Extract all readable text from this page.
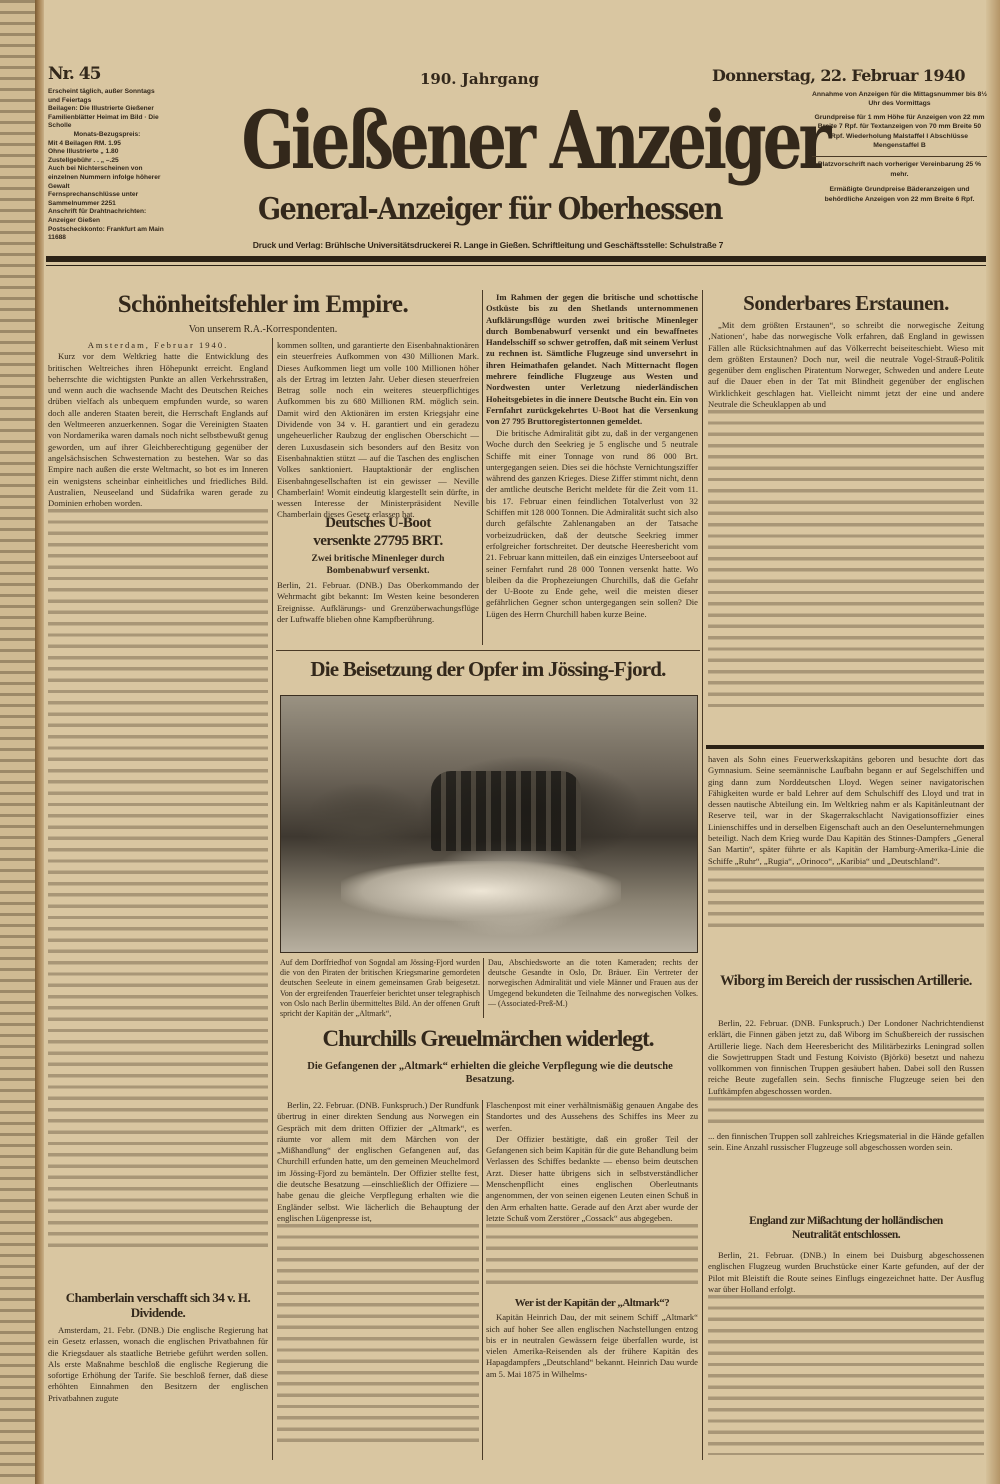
Nr. 45
Erscheint täglich, außer Sonntags und Feiertags
Beilagen: Die Illustrierte Gießener Familienblätter Heimat im Bild · Die Scholle
Monats-Bezugspreis:
Mit 4 Beilagen RM. 1.95
Ohne Illustrierte „ 1.80
Zustellgebühr . . „ –.25
Auch bei Nichterscheinen von einzelnen Nummern infolge höherer Gewalt
Fernsprechanschlüsse unter Sammelnummer 2251
Anschrift für Drahtnachrichten: Anzeiger Gießen
Postscheckkonto: Frankfurt am Main 11688
190. Jahrgang	Donnerstag, 22. Februar 1940
Gießener Anzeiger
General-Anzeiger für Oberhessen
Druck und Verlag: Brühlsche Universitätsdruckerei R. Lange in Gießen. Schriftleitung und Geschäftsstelle: Schulstraße 7
Annahme von Anzeigen für die Mittagsnummer bis 8½ Uhr des Vormittags
Grundpreise für 1 mm Höhe für Anzeigen von 22 mm Breite 7 Rpf. für Textanzeigen von 70 mm Breite 50 Rpf. Wiederholung Malstaffel I Abschlüsse Mengenstaffel B
Platzvorschrift nach vorheriger Vereinbarung 25 % mehr.
Ermäßigte Grundpreise Bäderanzeigen und behördliche Anzeigen von 22 mm Breite 6 Rpf.
Schönheitsfehler im Empire.
Von unserem R.A.-Korrespondenten.
Amsterdam, Februar 1940.

Kurz vor dem Weltkrieg hatte die Entwicklung des britischen Weltreiches ihren Höhepunkt erreicht. England beherrschte die wichtigsten Punkte an allen Verkehrsstraßen, und wenn auch die wachsende Macht des Deutschen Reiches drüben vielfach als unbequem empfunden wurde, so waren doch alle anderen Staaten bereit, die Herrschaft Englands auf den Weltmeeren anzuerkennen. Sogar die Vereinigten Staaten von Nordamerika waren damals noch nicht selbstbewußt genug geworden, um auf ihrer Gleichberechtigung gegenüber der angelsächsischen Schwesternation zu bestehen. War so das Empire nach außen die erste Weltmacht, so bot es im Inneren ein wenigstens scheinbar einheitliches und friedliches Bild. Australien, Neuseeland und Südafrika waren gerade zu Dominien erhoben worden.

Chamberlain verschafft sich 34 v. H. Dividende.

Amsterdam, 21. Febr. (DNB.) Die englische Regierung hat ein Gesetz erlassen, wonach die englischen Privatbahnen für die Kriegsdauer als staatliche Betriebe geführt werden sollen. Als erste Maßnahme beschloß die englische Regierung die sofortige Erhöhung der Tarife. Sie beschloß ferner, daß diese erhöhten Einnahmen den Besitzern der englischen Privatbahnen zugute

kommen sollten, und garantierte den Eisenbahnaktionären ein steuerfreies Aufkommen von 430 Millionen Mark. Dieses Aufkommen liegt um volle 100 Millionen höher als der Ertrag im letzten Jahr. Ueber diesen steuerfreien Betrag solle noch ein weiteres steuerpflichtiges Aufkommen bis zu 680 Millionen RM. möglich sein. Damit wird den Aktionären im ersten Kriegsjahr eine Dividende von 34 v. H. garantiert und ein geradezu ungeheuerlicher Raubzug der englischen Oberschicht — deren Luxusdasein sich besonders auf den Besitz von Eisenbahnaktien stützt — auf die Taschen des englischen Volkes sanktioniert. Hauptaktionär der englischen Eisenbahngesellschaften ist ein gewisser — Neville Chamberlain! Womit eindeutig klargestellt sein dürfte, in wessen Interesse der Ministerpräsident Neville Chamberlain dieses Gesetz erlassen hat.

Deutsches U-Boot
versenkte 27795 BRT.
Zwei britische Minenleger durch Bombenabwurf versenkt.

Berlin, 21. Februar. (DNB.) Das Oberkommando der Wehrmacht gibt bekannt: Im Westen keine besonderen Ereignisse. Aufklärungs- und Grenzüberwachungsflüge der Luftwaffe blieben ohne Kampfberührung.

Im Rahmen der gegen die britische und schottische Ostküste bis zu den Shetlands unternommenen Aufklärungsflüge wurden zwei britische Minenleger durch Bombenabwurf versenkt und ein bewaffnetes Handelsschiff so schwer getroffen, daß mit seinem Verlust zu rechnen ist. Sämtliche Flugzeuge sind unversehrt in ihren Heimathafen gelandet. Nach Mitternacht flogen mehrere feindliche Flugzeuge aus Westen und Nordwesten unter Verletzung niederländischen Hoheitsgebietes in die innere Deutsche Bucht ein. Ein von Fernfahrt zurückgekehrtes U-Boot hat die Versenkung von 27 795 Bruttoregistertonnen gemeldet.

Die britische Admiralität gibt zu, daß in der vergangenen Woche durch den Seekrieg je 5 englische und 5 neutrale Schiffe mit einer Tonnage von rund 86 000 Brt. untergegangen seien. Dies sei die höchste Vernichtungsziffer während des ganzen Krieges. Diese Ziffer stimmt nicht, denn der amtliche deutsche Bericht meldete für die Zeit vom 11. bis 17. Februar einen feindlichen Totalverlust von 32 Schiffen mit 128 000 Tonnen. Die Admiralität sucht sich also durch gefälschte Zahlenangaben an der Tatsache vorbeizudrücken, daß der deutsche Seekrieg immer erfolgreicher fortschreitet. Der deutsche Heeresbericht vom 21. Februar kann mitteilen, daß ein einziges Unterseeboot auf seiner Fernfahrt rund 28 000 Tonnen versenkt hatte. Wo bleiben da die Prophezeiungen Churchills, daß die Gefahr der U-Boote zu Ende gehe, weil die meisten dieser gefährlichen Gegner schon untergegangen sein sollen? Die Lügen des Herrn Churchill haben kurze Beine.

Die Beisetzung der Opfer im Jössing-Fjord.
Auf dem Dorffriedhof von Sogndal am Jössing-Fjord wurden die von den Piraten der britischen Kriegsmarine gemordeten deutschen Seeleute in einem gemeinsamen Grab beigesetzt. Von der ergreifenden Trauerfeier berichtet unser telegraphisch von Oslo nach Berlin übermitteltes Bild. An der offenen Gruft spricht der Kapitän der „Altmark“,
Dau, Abschiedsworte an die toten Kameraden; rechts der deutsche Gesandte in Oslo, Dr. Bräuer. Ein Vertreter der norwegischen Admiralität und viele Männer und Frauen aus der Umgegend bekundeten die Teilnahme des norwegischen Volkes. — (Associated-Preß-M.)
Churchills Greuelmärchen widerlegt.
Die Gefangenen der „Altmark“ erhielten die gleiche Verpflegung wie die deutsche Besatzung.

Berlin, 22. Februar. (DNB. Funkspruch.) Der Rundfunk übertrug in einer direkten Sendung aus Norwegen ein Gespräch mit dem dritten Offizier der „Altmark“, es räumte vor allem mit dem Märchen von der „Mißhandlung“ der englischen Gefangenen auf, das Churchill erfunden hatte, um den gemeinen Meuchelmord im Jössing-Fjord zu bemänteln. Der Offizier stellte fest, die deutsche Besatzung —einschließlich der Offiziere — habe genau die gleiche Verpflegung erhalten wie die Engländer selbst. Wie lächerlich die Behauptung der englischen Lügenpresse ist,

Flaschenpost mit einer verhältnismäßig genauen Angabe des Standortes und des Aussehens des Schiffes ins Meer zu werfen.

Der Offizier bestätigte, daß ein großer Teil der Gefangenen sich beim Kapitän für die gute Behandlung beim Verlassen des Schiffes bedankte — ebenso beim deutschen Arzt. Dieser hatte übrigens sich in selbstverständlicher Menschenpflicht eines englischen Oberleutnants angenommen, der von seinen eigenen Leuten einen Schuß in den Arm erhalten hatte. Gerade auf den Arzt aber wurde der letzte Schuß vom Zerstörer „Cossack“ aus abgegeben.

Wer ist der Kapitän der „Altmark“?

Kapitän Heinrich Dau, der mit seinem Schiff „Altmark“ sich auf hoher See allen englischen Nachstellungen entzog bis er in neutralen Gewässern feige überfallen wurde, ist vielen Amerika-Reisenden als der frühere Kapitän des Hapagdampfers „Deutschland“ bekannt. Heinrich Dau wurde am 5. Mai 1875 in Wilhelms-

Sonderbares Erstaunen.

„Mit dem größten Erstaunen“, so schreibt die norwegische Zeitung ‚Nationen‘, habe das norwegische Volk erfahren, daß England in gewissen Fällen alle Rücksichtnahmen auf das Völkerrecht beiseiteschiebt. Wieso mit dem größten Erstaunen? Doch nur, weil die neutrale Vogel-Strauß-Politik gegenüber dem englischen Piratentum Norweger, Schweden und andere Leute auf die Dauer eben in der Tat mit Blindheit gegenüber der englischen Wirklichkeit geschlagen hat. Vielleicht nimmt jetzt der eine und andere Neutrale die Scheuklappen ab und

haven als Sohn eines Feuerwerkskapitäns geboren und besuchte dort das Gymnasium. Seine seemännische Laufbahn begann er auf Segelschiffen und ging dann zum Norddeutschen Lloyd. Wegen seiner navigatorischen Fähigkeiten wurde er bald Lehrer auf dem Schulschiff des Lloyd und trat in dessen nautische Abteilung ein. Im Weltkrieg nahm er als Kapitänleutnant der Reserve teil, war in der Skagerrakschlacht Navigationsoffizier eines Linienschiffes und in derselben Eigenschaft auch an den Oeselunternehmungen beteiligt. Nach dem Krieg wurde Dau Kapitän des Stinnes-Dampfers „General San Martin“, später führte er als Kapitän der Hamburg-Amerika-Linie die Schiffe „Ruhr“, „Rugia“, „Orinoco“, „Karibia“ und „Deutschland“.

Wiborg im Bereich der russischen Artillerie.

Berlin, 22. Februar. (DNB. Funkspruch.) Der Londoner Nachrichtendienst erklärt, die Finnen gäben jetzt zu, daß Wiborg im Schußbereich der russischen Artillerie liege. Nach dem Heeresbericht des Militärbezirks Leningrad sollen die Sowjettruppen Stadt und Festung Koivisto (Björkö) besetzt und nahezu vollkommen von finnischen Truppen gesäubert haben. Dabei soll den Russen reiche Beute zugefallen sein. Sechs finnische Flugzeuge seien bei den Luftkämpfen abgeschossen worden.

... den finnischen Truppen soll zahlreiches Kriegsmaterial in die Hände gefallen sein. Eine Anzahl russischer Flugzeuge soll abgeschossen worden sein.

England zur Mißachtung der holländischen Neutralität entschlossen.

Berlin, 21. Februar. (DNB.) In einem bei Duisburg abgeschossenen englischen Flugzeug wurden Bruchstücke einer Karte gefunden, auf der der Pilot mit Bleistift die Route seines Einflugs eingezeichnet hatte. Der Ausflug war über Holland erfolgt.
